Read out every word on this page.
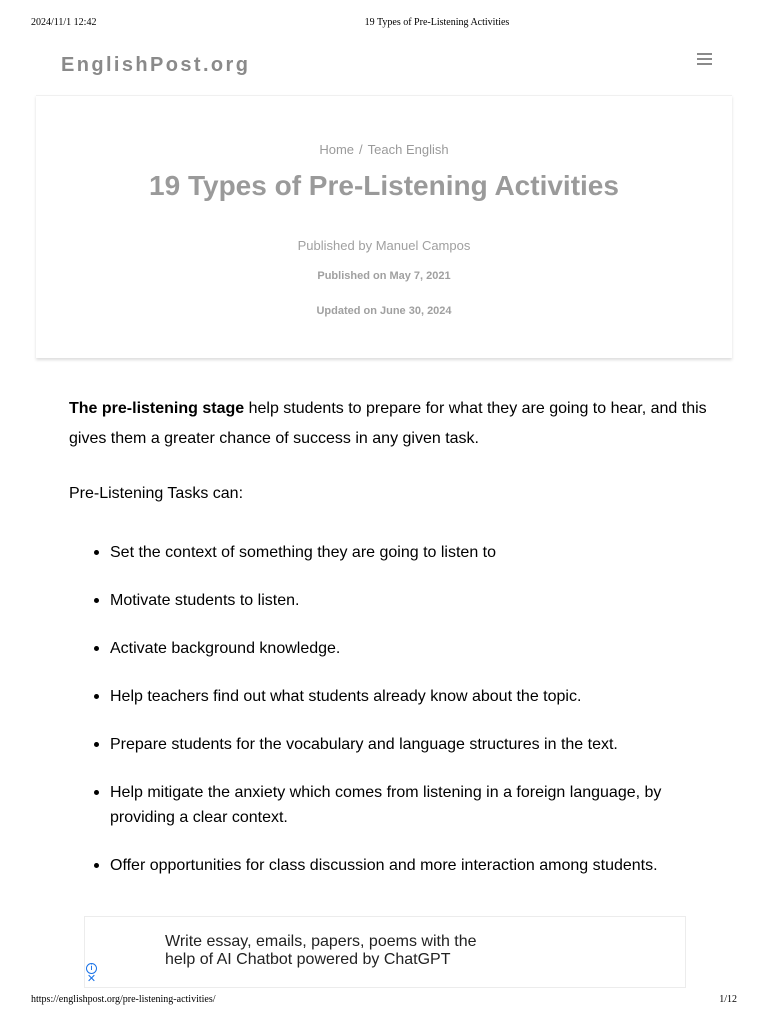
2024/11/1 12:42	19 Types of Pre-Listening Activities
EnglishPost.org
Home / Teach English
19 Types of Pre-Listening Activities
Published by Manuel Campos
Published on May 7, 2021
Updated on June 30, 2024

The pre-listening stage help students to prepare for what they are going to hear, and this gives them a greater chance of success in any given task.

Pre-Listening Tasks can:

Set the context of something they are going to listen to
Motivate students to listen.
Activate background knowledge.
Help teachers find out what students already know about the topic.
Prepare students for the vocabulary and language structures in the text.
Help mitigate the anxiety which comes from listening in a foreign language, by providing a clear context.
Offer opportunities for class discussion and more interaction among students.
Write essay, emails, papers, poems with the
help of AI Chatbot powered by ChatGPT
i
✕
https://englishpost.org/pre-listening-activities/	1/12
